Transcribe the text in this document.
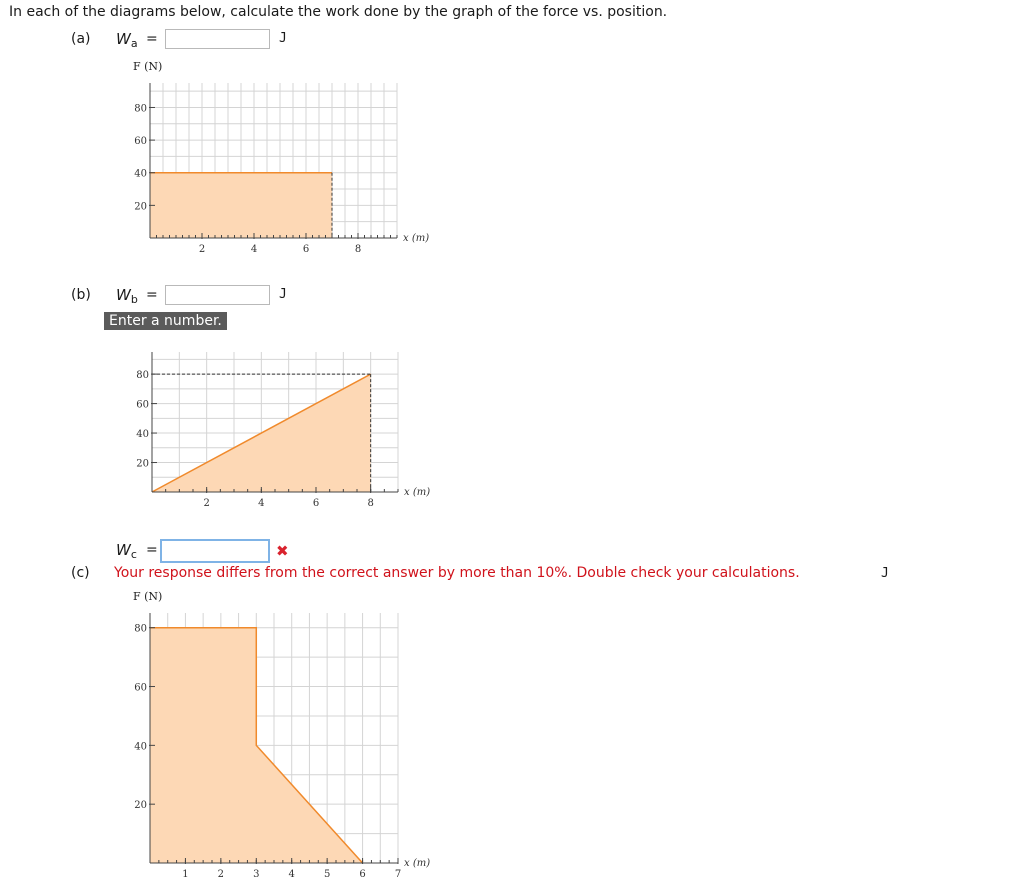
In each of the diagrams below, calculate the work done by the graph of the force vs. position.
(a) $W_a$ =	J
F (N)
2	4	6	8
20
40
60
80
x (m)
(b) $W_b$ =	J
Enter a number.
2	4	6	8
20
40
60
80
x (m)
$W_c$ =	✖
(c) Your response differs from the correct answer by more than 10%. Double check your calculations.	J
F (N)
1	2	3	4	5	6	7
20
40
60
80
x (m)
